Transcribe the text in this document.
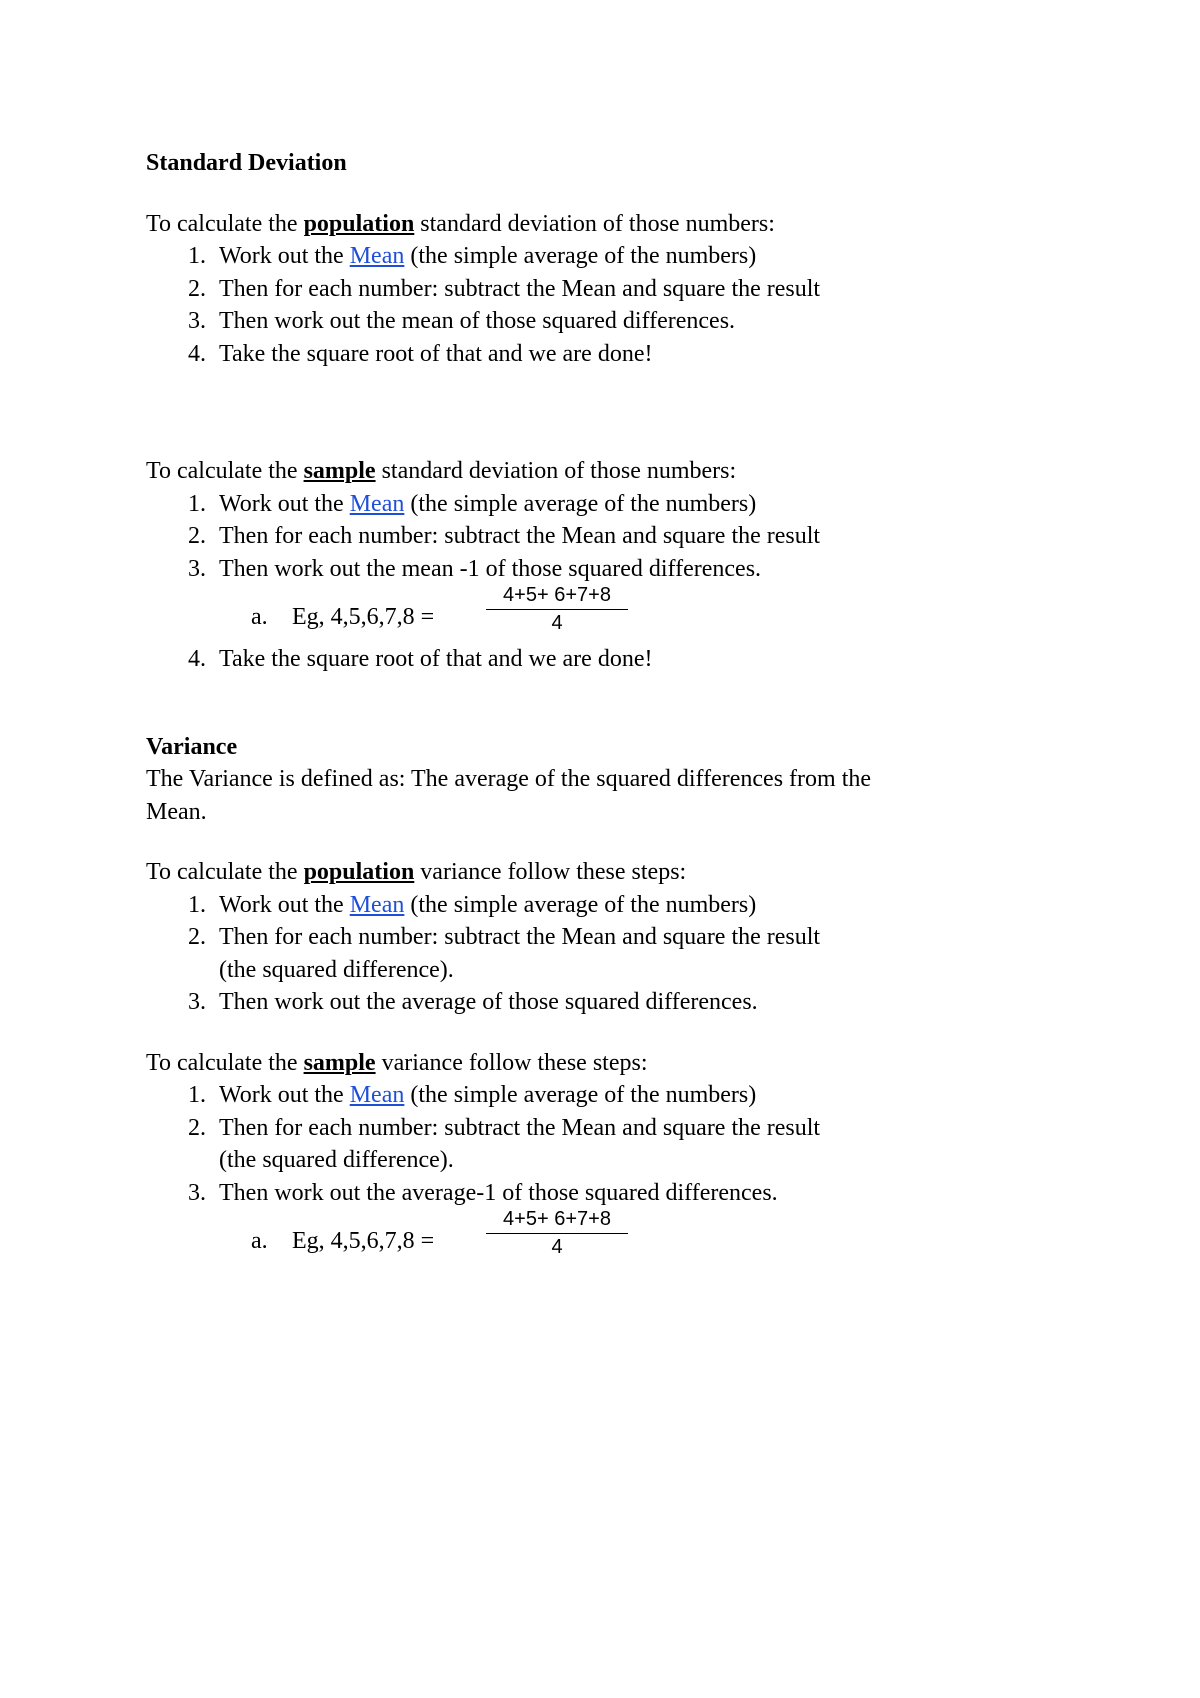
Standard Deviation

To calculate the population standard deviation of those numbers:

1. Work out the Mean (the simple average of the numbers)
2. Then for each number: subtract the Mean and square the result
3. Then work out the mean of those squared differences.
4. Take the square root of that and we are done!

To calculate the sample standard deviation of those numbers:

1. Work out the Mean (the simple average of the numbers)
2. Then for each number: subtract the Mean and square the result
3. Then work out the mean -1 of those squared differences.
a. Eg, 4,5,6,7,8 =	$\frac{4+5+ 6+7+8}{4}$
4. Take the square root of that and we are done!
Variance

The Variance is defined as: The average of the squared differences from the
Mean.

To calculate the population variance follow these steps:

1. Work out the Mean (the simple average of the numbers)
2. Then for each number: subtract the Mean and square the result
(the squared difference).
3. Then work out the average of those squared differences.

To calculate the sample variance follow these steps:

1. Work out the Mean (the simple average of the numbers)
2. Then for each number: subtract the Mean and square the result
(the squared difference).
3. Then work out the average-1 of those squared differences.
a. Eg, 4,5,6,7,8 =	$\frac{4+5+ 6+7+8}{4}$
